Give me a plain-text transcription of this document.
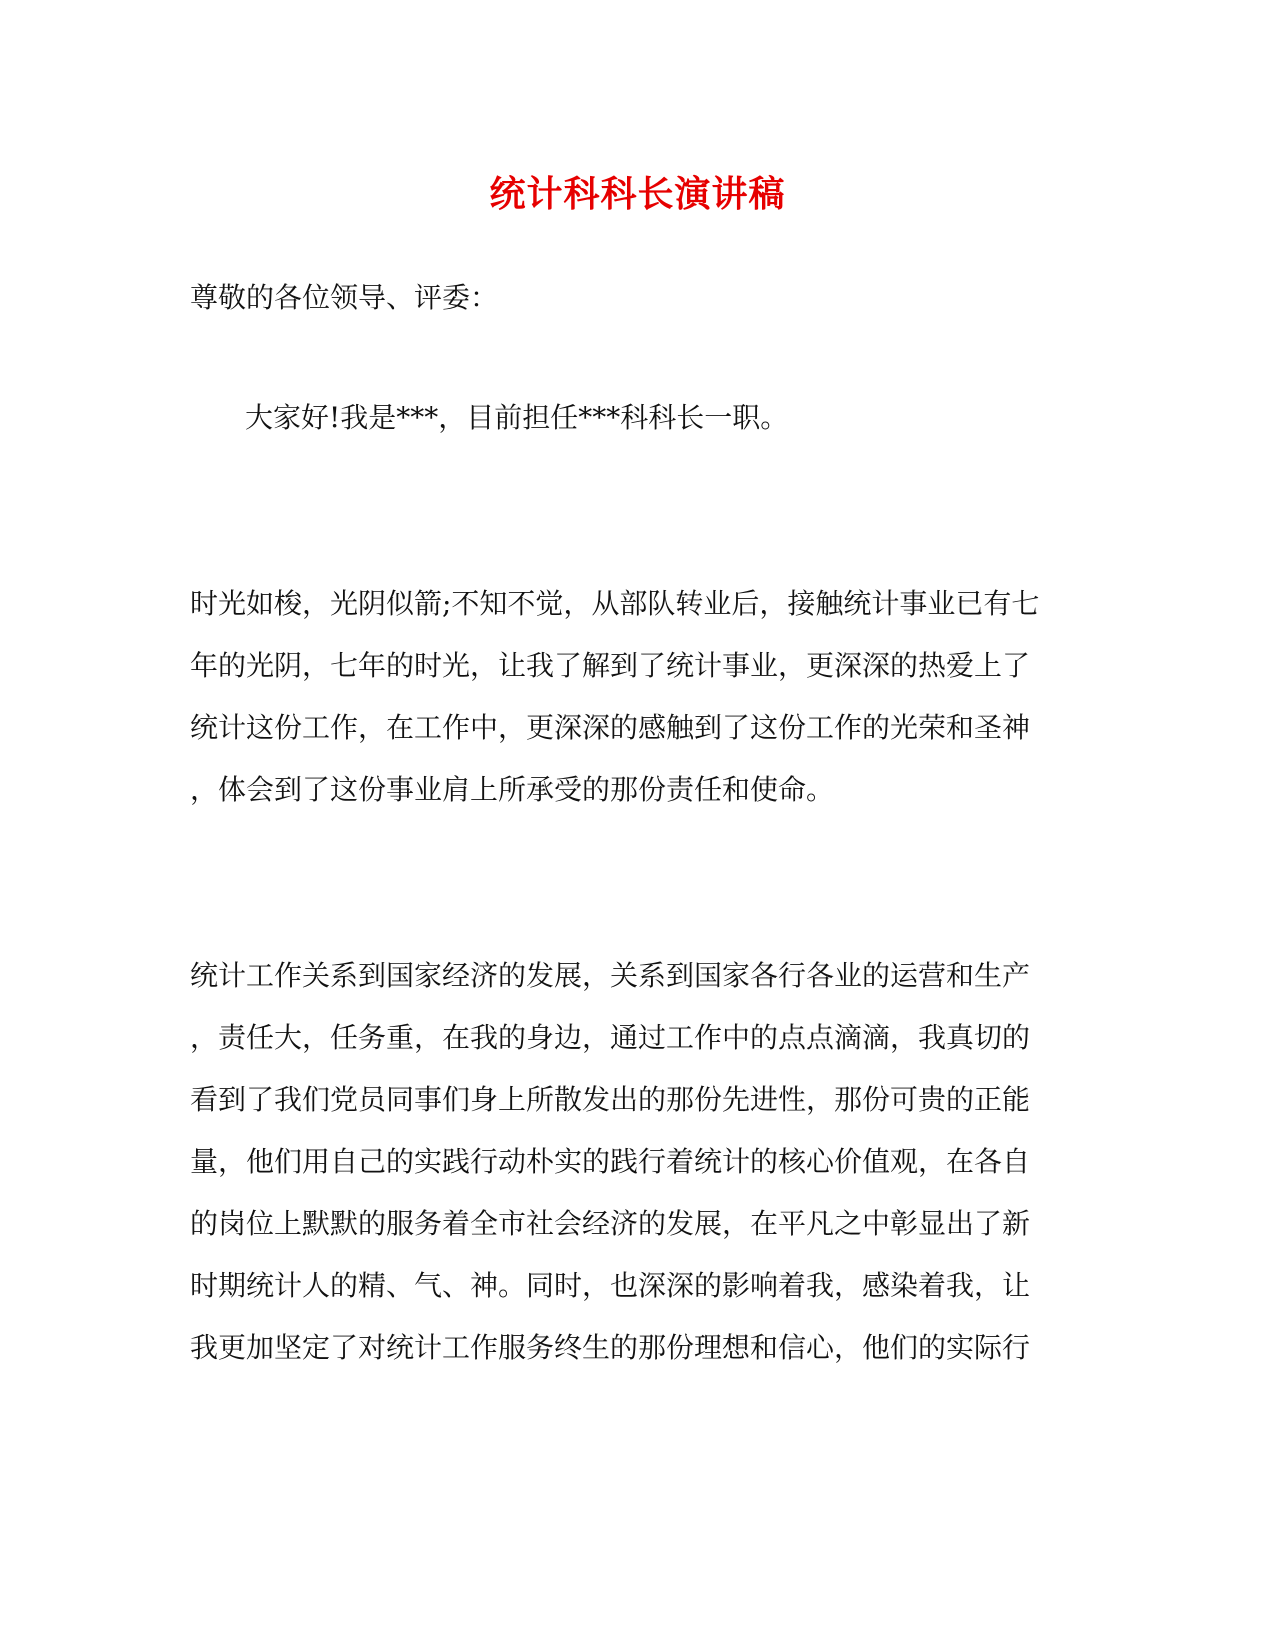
统计科科长演讲稿
尊敬的各位领导、评委：
大家好!我是***，目前担任***科科长一职。
时光如梭，光阴似箭;不知不觉，从部队转业后，接触统计事业已有七
年的光阴，七年的时光，让我了解到了统计事业，更深深的热爱上了
统计这份工作，在工作中，更深深的感触到了这份工作的光荣和圣神
，体会到了这份事业肩上所承受的那份责任和使命。
统计工作关系到国家经济的发展，关系到国家各行各业的运营和生产
，责任大，任务重，在我的身边，通过工作中的点点滴滴，我真切的
看到了我们党员同事们身上所散发出的那份先进性，那份可贵的正能
量，他们用自己的实践行动朴实的践行着统计的核心价值观，在各自
的岗位上默默的服务着全市社会经济的发展，在平凡之中彰显出了新
时期统计人的精、气、神。同时，也深深的影响着我，感染着我，让
我更加坚定了对统计工作服务终生的那份理想和信心，他们的实际行
